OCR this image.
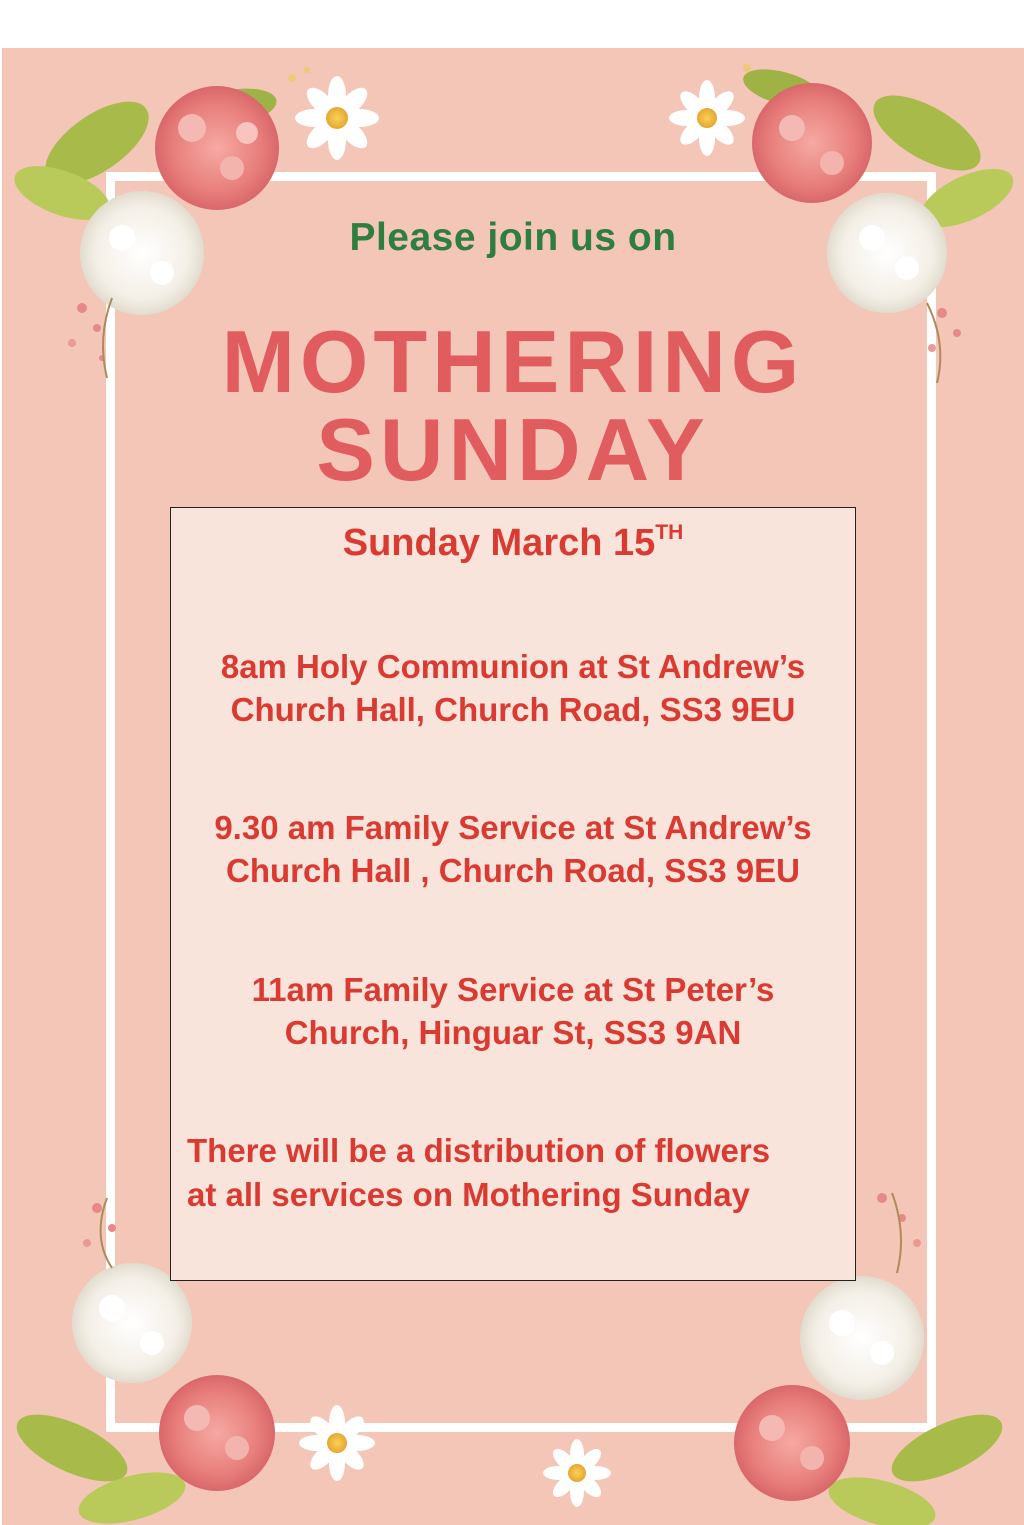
Please join us on
MOTHERING
SUNDAY
Sunday March 15TH
8am Holy Communion at St Andrew’s
Church Hall, Church Road, SS3 9EU
9.30 am Family Service at St Andrew’s
Church Hall , Church Road, SS3 9EU
11am Family Service at St Peter’s
Church, Hinguar St, SS3 9AN
There will be a distribution of flowers
at all services on Mothering Sunday
